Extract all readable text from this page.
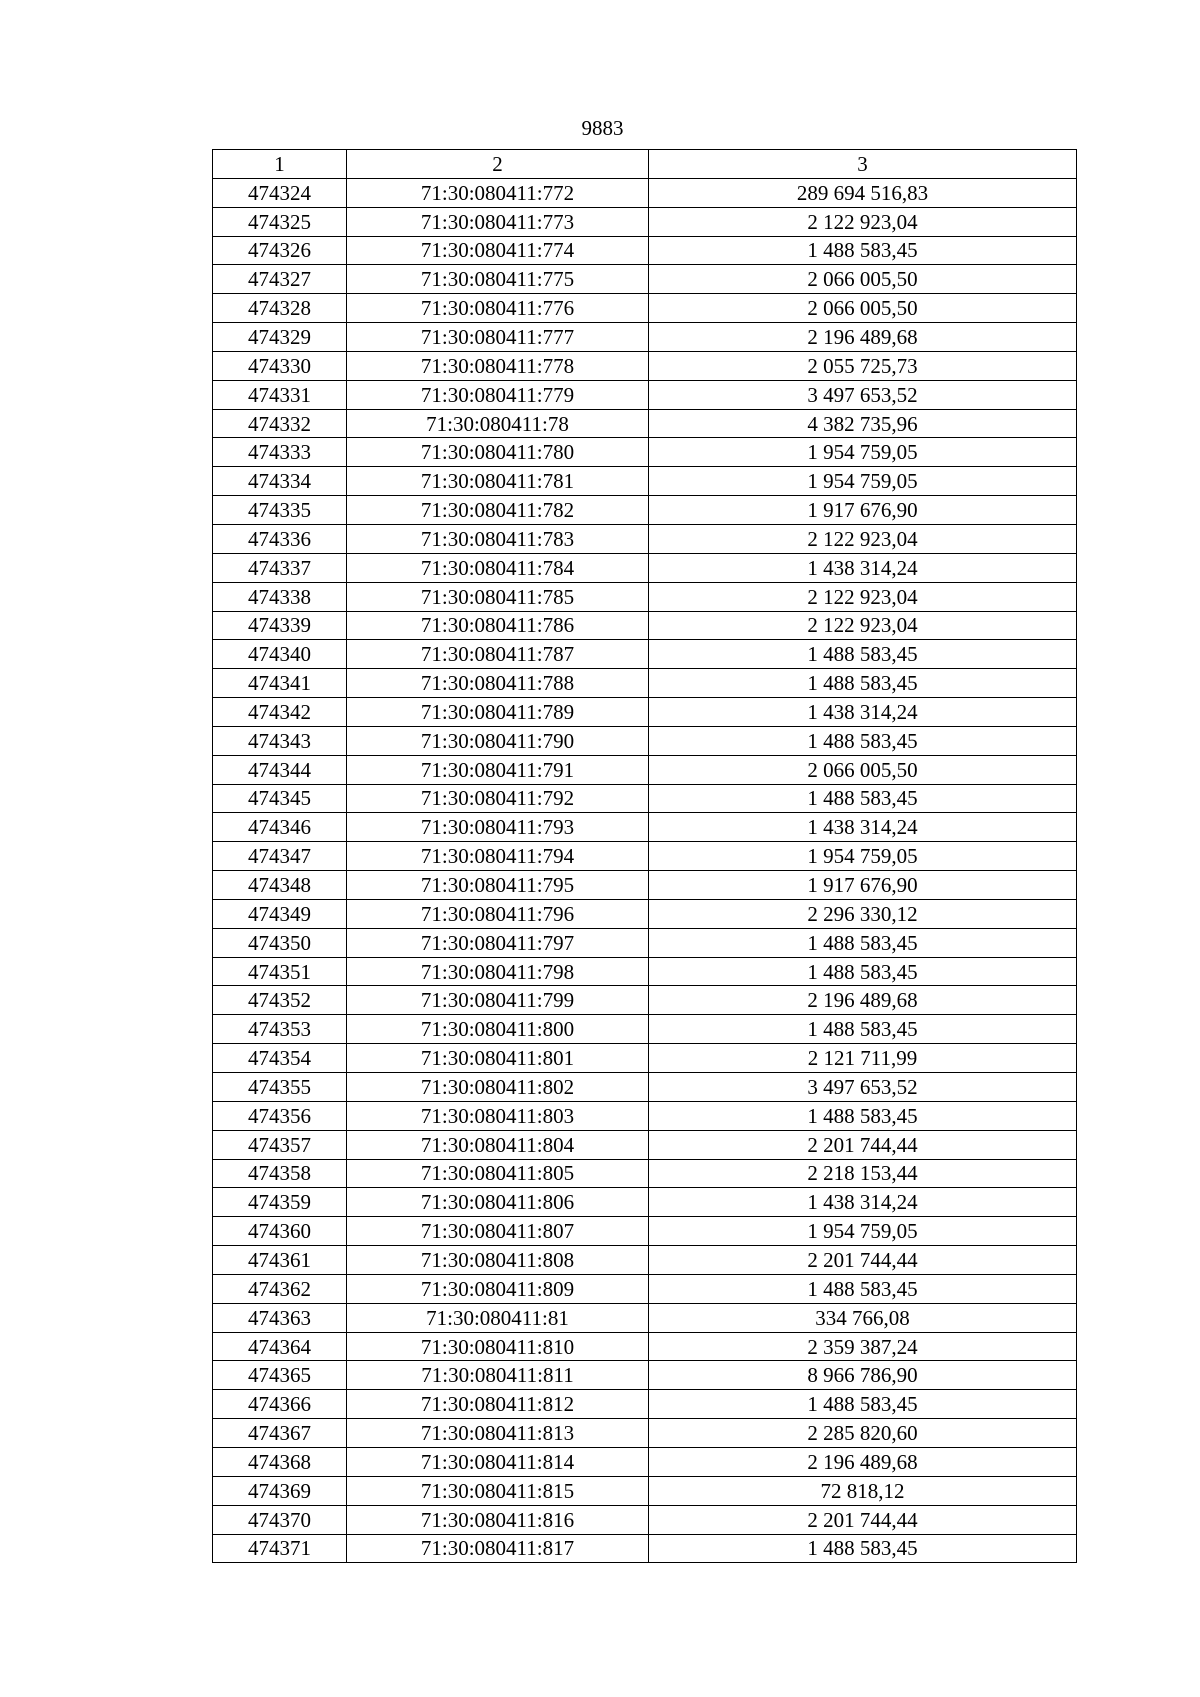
9883
1	2	3
474324	71:30:080411:772	289 694 516,83
474325	71:30:080411:773	2 122 923,04
474326	71:30:080411:774	1 488 583,45
474327	71:30:080411:775	2 066 005,50
474328	71:30:080411:776	2 066 005,50
474329	71:30:080411:777	2 196 489,68
474330	71:30:080411:778	2 055 725,73
474331	71:30:080411:779	3 497 653,52
474332	71:30:080411:78	4 382 735,96
474333	71:30:080411:780	1 954 759,05
474334	71:30:080411:781	1 954 759,05
474335	71:30:080411:782	1 917 676,90
474336	71:30:080411:783	2 122 923,04
474337	71:30:080411:784	1 438 314,24
474338	71:30:080411:785	2 122 923,04
474339	71:30:080411:786	2 122 923,04
474340	71:30:080411:787	1 488 583,45
474341	71:30:080411:788	1 488 583,45
474342	71:30:080411:789	1 438 314,24
474343	71:30:080411:790	1 488 583,45
474344	71:30:080411:791	2 066 005,50
474345	71:30:080411:792	1 488 583,45
474346	71:30:080411:793	1 438 314,24
474347	71:30:080411:794	1 954 759,05
474348	71:30:080411:795	1 917 676,90
474349	71:30:080411:796	2 296 330,12
474350	71:30:080411:797	1 488 583,45
474351	71:30:080411:798	1 488 583,45
474352	71:30:080411:799	2 196 489,68
474353	71:30:080411:800	1 488 583,45
474354	71:30:080411:801	2 121 711,99
474355	71:30:080411:802	3 497 653,52
474356	71:30:080411:803	1 488 583,45
474357	71:30:080411:804	2 201 744,44
474358	71:30:080411:805	2 218 153,44
474359	71:30:080411:806	1 438 314,24
474360	71:30:080411:807	1 954 759,05
474361	71:30:080411:808	2 201 744,44
474362	71:30:080411:809	1 488 583,45
474363	71:30:080411:81	334 766,08
474364	71:30:080411:810	2 359 387,24
474365	71:30:080411:811	8 966 786,90
474366	71:30:080411:812	1 488 583,45
474367	71:30:080411:813	2 285 820,60
474368	71:30:080411:814	2 196 489,68
474369	71:30:080411:815	72 818,12
474370	71:30:080411:816	2 201 744,44
474371	71:30:080411:817	1 488 583,45
